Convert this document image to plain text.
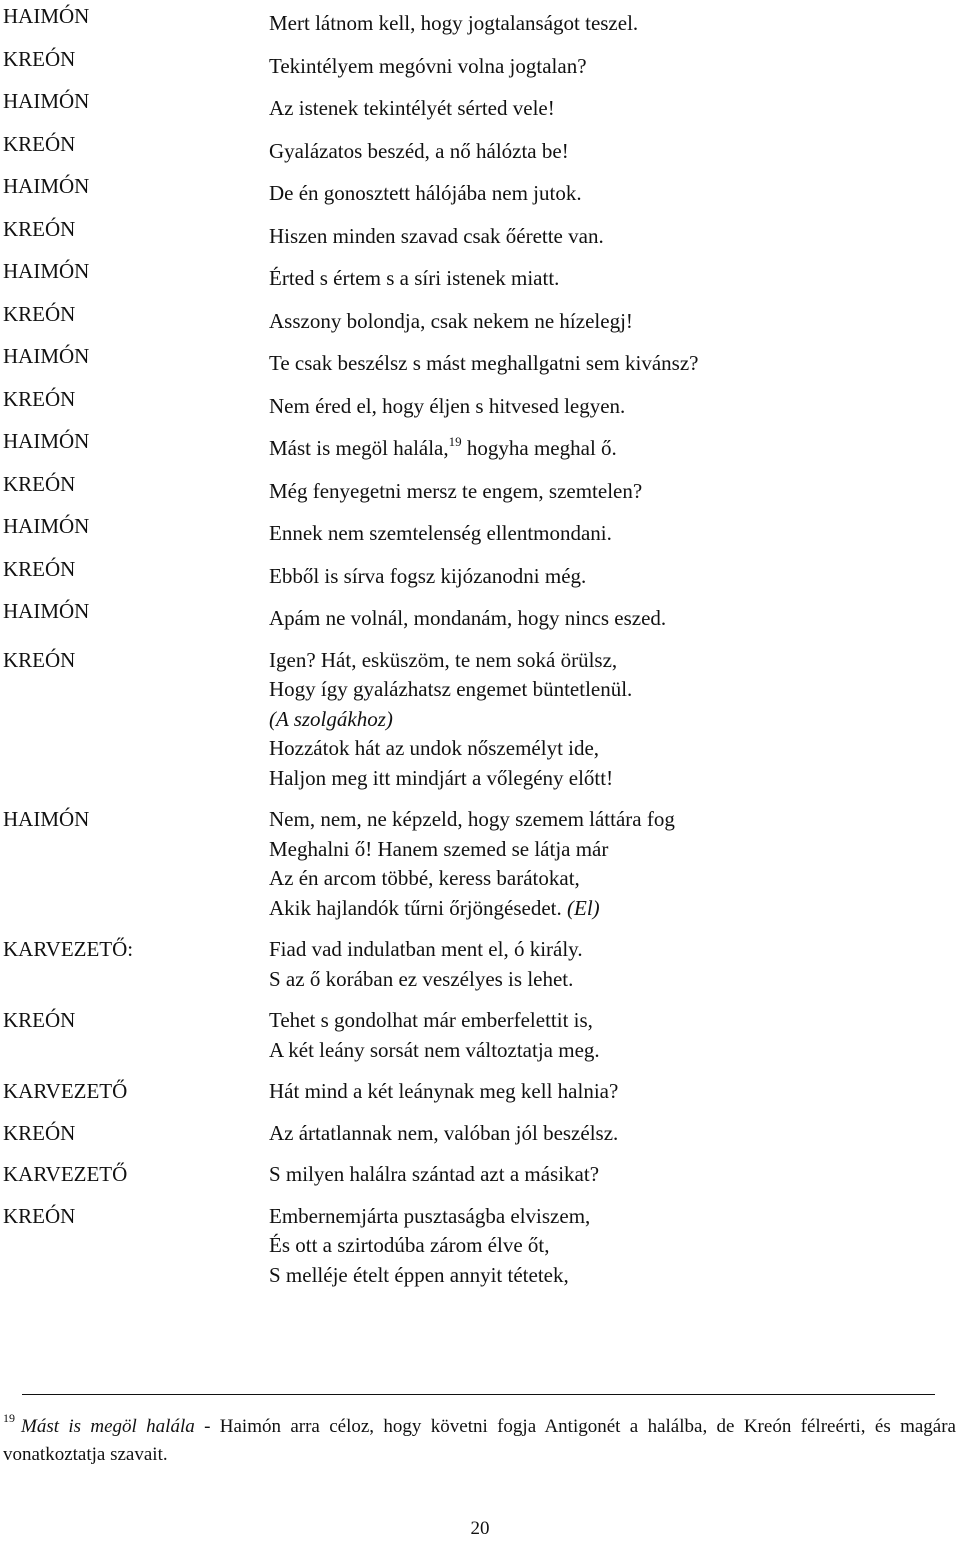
HAIMÓN	Mert látnom kell, hogy jogtalanságot teszel.
KREÓN	Tekintélyem megóvni volna jogtalan?
HAIMÓN	Az istenek tekintélyét sérted vele!
KREÓN	Gyalázatos beszéd, a nő hálózta be!
HAIMÓN	De én gonosztett hálójába nem jutok.
KREÓN	Hiszen minden szavad csak őérette van.
HAIMÓN	Érted s értem s a síri istenek miatt.
KREÓN	Asszony bolondja, csak nekem ne hízelegj!
HAIMÓN	Te csak beszélsz s mást meghallgatni sem kivánsz?
KREÓN	Nem éred el, hogy éljen s hitvesed legyen.
HAIMÓN	Mást is megöl halála,$^{19}$ hogyha meghal ő.
KREÓN	Még fenyegetni mersz te engem, szemtelen?
HAIMÓN	Ennek nem szemtelenség ellentmondani.
KREÓN	Ebből is sírva fogsz kijózanodni még.
HAIMÓN	Apám ne volnál, mondanám, hogy nincs eszed.
KREÓN	Igen? Hát, esküszöm, te nem soká örülsz,
Hogy így gyalázhatsz engemet büntetlenül.
(A szolgákhoz)
Hozzátok hát az undok nőszemélyt ide,
Haljon meg itt mindjárt a vőlegény előtt!
HAIMÓN	Nem, nem, ne képzeld, hogy szemem láttára fog
Meghalni ő! Hanem szemed se látja már
Az én arcom többé, keress barátokat,
Akik hajlandók tűrni őrjöngésedet. (El)
KARVEZETŐ:	Fiad vad indulatban ment el, ó király.
S az ő korában ez veszélyes is lehet.
KREÓN	Tehet s gondolhat már emberfelettit is,
A két leány sorsát nem változtatja meg.
KARVEZETŐ	Hát mind a két leánynak meg kell halnia?
KREÓN	Az ártatlannak nem, valóban jól beszélsz.
KARVEZETŐ	S milyen halálra szántad azt a másikat?
KREÓN	Embernemjárta pusztaságba elviszem,
És ott a szirtodúba zárom élve őt,
S melléje ételt éppen annyit tétetek,
$^{19}$ Mást is megöl halála - Haimón arra céloz, hogy követni fogja Antigonét a halálba, de Kreón félreérti, és magára vonatkoztatja szavait.
20
